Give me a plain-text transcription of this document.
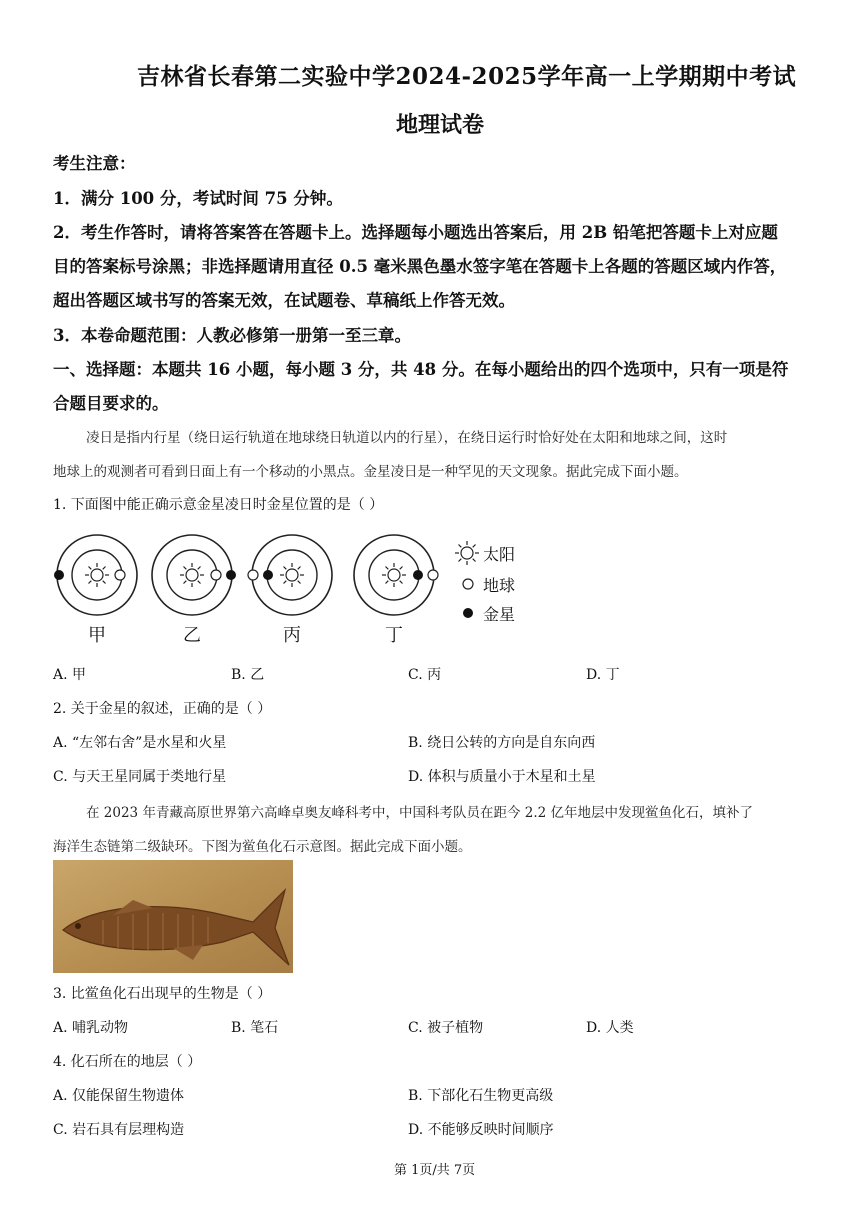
吉林省长春第二实验中学2024-2025学年高一上学期期中考试
地理试卷
考生注意：
1．满分 100 分，考试时间 75 分钟。
2．考生作答时，请将答案答在答题卡上。选择题每小题选出答案后，用 2B 铅笔把答题卡上对应题
目的答案标号涂黑；非选择题请用直径 0.5 毫米黑色墨水签字笔在答题卡上各题的答题区域内作答，
超出答题区域书写的答案无效，在试题卷、草稿纸上作答无效。
3．本卷命题范围：人教必修第一册第一至三章。
一、选择题：本题共 16 小题，每小题 3 分，共 48 分。在每小题给出的四个选项中，只有一项是符
合题目要求的。
凌日是指内行星（绕日运行轨道在地球绕日轨道以内的行星），在绕日运行时恰好处在太阳和地球之间，这时
地球上的观测者可看到日面上有一个移动的小黑点。金星凌日是一种罕见的天文现象。据此完成下面小题。
1. 下面图中能正确示意金星凌日时金星位置的是（ ）
甲	乙	丙	丁
太阳
地球
金星
A. 甲	B. 乙	C. 丙	D. 丁
2. 关于金星的叙述，正确的是（ ）
A. “左邻右舍”是水星和火星	B. 绕日公转的方向是自东向西
C. 与天王星同属于类地行星	D. 体积与质量小于木星和土星
在 2023 年青藏高原世界第六高峰卓奥友峰科考中，中国科考队员在距今 2.2 亿年地层中发现鲎鱼化石，填补了
海洋生态链第二级缺环。下图为鲎鱼化石示意图。据此完成下面小题。
3. 比鲎鱼化石出现早的生物是（ ）
A. 哺乳动物	B. 笔石	C. 被子植物	D. 人类
4. 化石所在的地层（ ）
A. 仅能保留生物遗体	B. 下部化石生物更高级
C. 岩石具有层理构造	D. 不能够反映时间顺序
第 1页/共 7页
